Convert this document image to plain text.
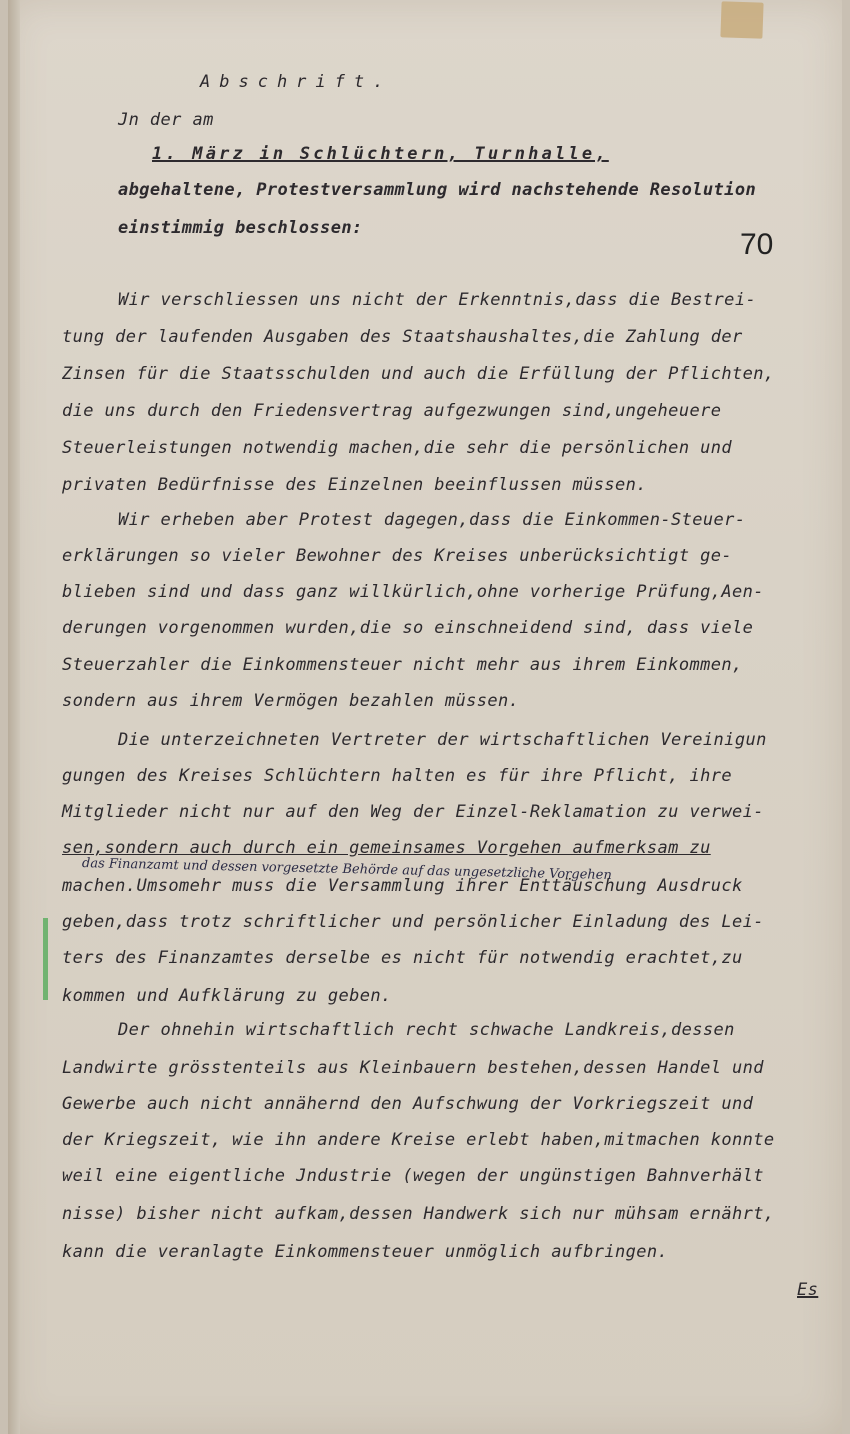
Abschrift.

70

Jn der am

1. März in Schlüchtern, Turnhalle,

abgehaltene, Protestversammlung wird nachstehende Resolution

einstimmig beschlossen:

Wir verschliessen uns nicht der Erkenntnis,dass die Bestrei-

tung der laufenden Ausgaben des Staatshaushaltes,die Zahlung der

Zinsen für die Staatsschulden und auch die Erfüllung der Pflichten,

die uns durch den Friedensvertrag aufgezwungen sind,ungeheuere

Steuerleistungen notwendig machen,die sehr die persönlichen und

privaten Bedürfnisse des Einzelnen beeinflussen müssen.

Wir erheben aber Protest dagegen,dass die Einkommen-Steuer-

erklärungen so vieler Bewohner des Kreises unberücksichtigt ge-

blieben sind und dass ganz willkürlich,ohne vorherige Prüfung,Aen-

derungen vorgenommen wurden,die so einschneidend sind, dass viele

Steuerzahler die Einkommensteuer nicht mehr aus ihrem Einkommen,

sondern aus ihrem Vermögen bezahlen müssen.

Die unterzeichneten Vertreter der wirtschaftlichen Vereinigun

gungen des Kreises Schlüchtern halten es für ihre Pflicht, ihre

Mitglieder nicht nur auf den Weg der Einzel-Reklamation zu verwei-

sen,sondern auch durch ein gemeinsames Vorgehen aufmerksam zu

das Finanzamt und dessen vorgesetzte Behörde auf das ungesetzliche Vorgehen

machen.Umsomehr muss die Versammlung ihrer Enttäuschung Ausdruck

geben,dass trotz schriftlicher und persönlicher Einladung des Lei-

ters des Finanzamtes derselbe es nicht für notwendig erachtet,zu

kommen und Aufklärung zu geben.

Der ohnehin wirtschaftlich recht schwache Landkreis,dessen

Landwirte grösstenteils aus Kleinbauern bestehen,dessen Handel und

Gewerbe auch nicht annähernd den Aufschwung der Vorkriegszeit und

der Kriegszeit, wie ihn andere Kreise erlebt haben,mitmachen konnte

weil eine eigentliche Jndustrie (wegen der ungünstigen Bahnverhält

nisse) bisher nicht aufkam,dessen Handwerk sich nur mühsam ernährt,

kann die veranlagte Einkommensteuer unmöglich aufbringen.

Es
